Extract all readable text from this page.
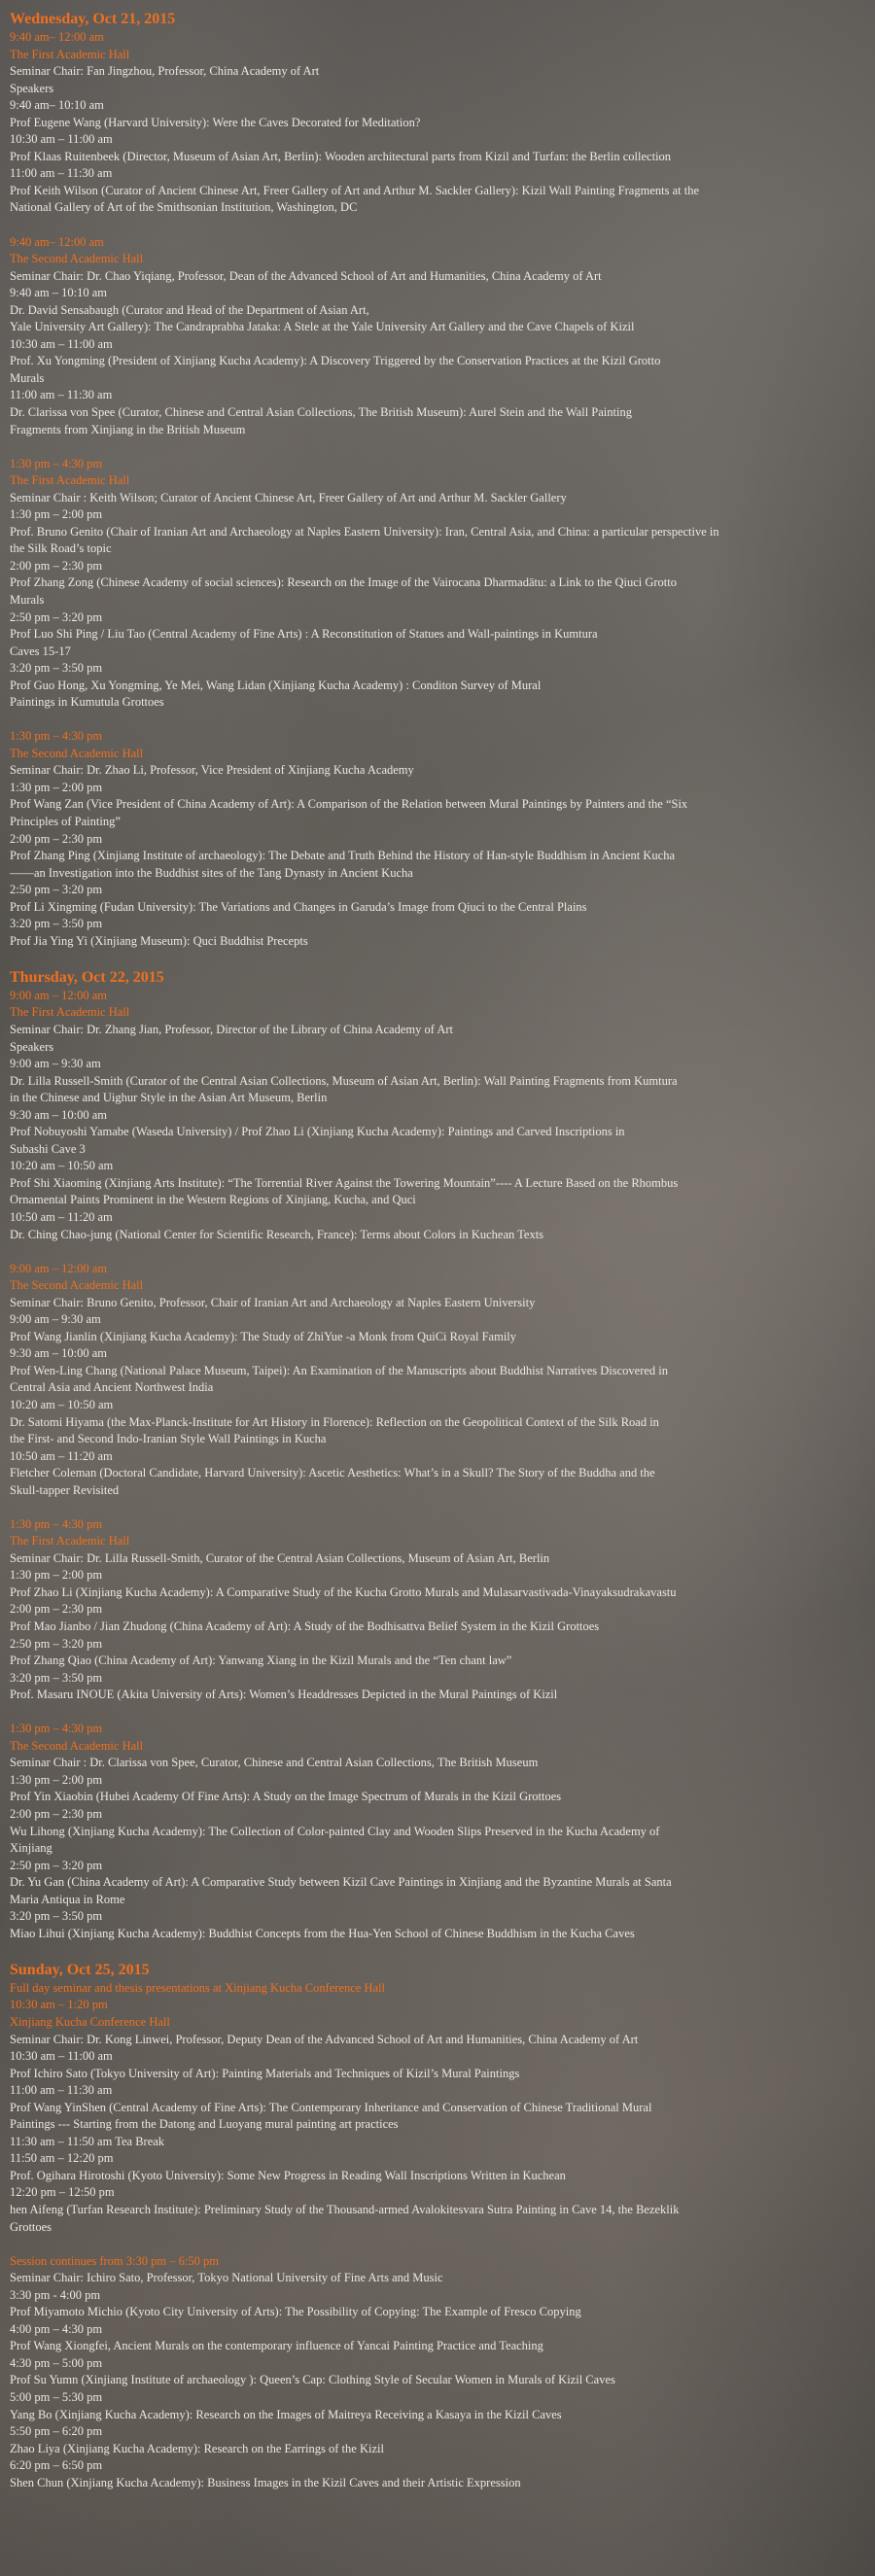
Wednesday, Oct 21, 2015
9:40 am– 12:00 am
The First Academic Hall
Seminar Chair: Fan Jingzhou, Professor, China Academy of Art
Speakers
9:40 am– 10:10 am
Prof Eugene Wang (Harvard University): Were the Caves Decorated for Meditation?
10:30 am – 11:00 am
Prof Klaas Ruitenbeek (Director, Museum of Asian Art, Berlin): Wooden architectural parts from Kizil and Turfan: the Berlin collection
11:00 am – 11:30 am
Prof Keith Wilson (Curator of Ancient Chinese Art, Freer Gallery of Art and Arthur M. Sackler Gallery): Kizil Wall Painting Fragments at the
National Gallery of Art of the Smithsonian Institution, Washington, DC
9:40 am– 12:00 am
The Second Academic Hall
Seminar Chair: Dr. Chao Yiqiang, Professor, Dean of the Advanced School of Art and Humanities, China Academy of Art
9:40 am – 10:10 am
Dr. David Sensabaugh (Curator and Head of the Department of Asian Art,
Yale University Art Gallery): The Candraprabha Jataka: A Stele at the Yale University Art Gallery and the Cave Chapels of Kizil
10:30 am – 11:00 am
Prof. Xu Yongming (President of Xinjiang Kucha Academy): A Discovery Triggered by the Conservation Practices at the Kizil Grotto
Murals
11:00 am – 11:30 am
Dr. Clarissa von Spee (Curator, Chinese and Central Asian Collections, The British Museum): Aurel Stein and the Wall Painting
Fragments from Xinjiang in the British Museum
1:30 pm – 4:30 pm
The First Academic Hall
Seminar Chair : Keith Wilson; Curator of Ancient Chinese Art, Freer Gallery of Art and Arthur M. Sackler Gallery
1:30 pm – 2:00 pm
Prof. Bruno Genito (Chair of Iranian Art and Archaeology at Naples Eastern University): Iran, Central Asia, and China: a particular perspective in
the Silk Road’s topic
2:00 pm – 2:30 pm
Prof Zhang Zong (Chinese Academy of social sciences): Research on the Image of the Vairocana Dharmadātu: a Link to the Qiuci Grotto
Murals
2:50 pm – 3:20 pm
Prof Luo Shi Ping / Liu Tao (Central Academy of Fine Arts) : A Reconstitution of Statues and Wall-paintings in Kumtura
Caves 15-17
3:20 pm – 3:50 pm
Prof Guo Hong, Xu Yongming, Ye Mei, Wang Lidan (Xinjiang Kucha Academy) : Conditon Survey of Mural
Paintings in Kumutula Grottoes
1:30 pm – 4:30 pm
The Second Academic Hall
Seminar Chair: Dr. Zhao Li, Professor, Vice President of Xinjiang Kucha Academy
1:30 pm – 2:00 pm
Prof Wang Zan (Vice President of China Academy of Art): A Comparison of the Relation between Mural Paintings by Painters and the “Six
Principles of Painting”
2:00 pm – 2:30 pm
Prof Zhang Ping (Xinjiang Institute of archaeology): The Debate and Truth Behind the History of Han-style Buddhism in Ancient Kucha
——an Investigation into the Buddhist sites of the Tang Dynasty in Ancient Kucha
2:50 pm – 3:20 pm
Prof Li Xingming (Fudan University): The Variations and Changes in Garuda’s Image from Qiuci to the Central Plains
3:20 pm – 3:50 pm
Prof Jia Ying Yi (Xinjiang Museum): Quci Buddhist Precepts
Thursday, Oct 22, 2015
9:00 am – 12:00 am
The First Academic Hall
Seminar Chair: Dr. Zhang Jian, Professor, Director of the Library of China Academy of Art
Speakers
9:00 am – 9:30 am
Dr. Lilla Russell-Smith (Curator of the Central Asian Collections, Museum of Asian Art, Berlin): Wall Painting Fragments from Kumtura
in the Chinese and Uighur Style in the Asian Art Museum, Berlin
9:30 am – 10:00 am
Prof Nobuyoshi Yamabe (Waseda University) / Prof Zhao Li (Xinjiang Kucha Academy): Paintings and Carved Inscriptions in
Subashi Cave 3
10:20 am – 10:50 am
Prof Shi Xiaoming (Xinjiang Arts Institute): “The Torrential River Against the Towering Mountain”---- A Lecture Based on the Rhombus
Ornamental Paints Prominent in the Western Regions of Xinjiang, Kucha, and Quci
10:50 am – 11:20 am
Dr. Ching Chao-jung (National Center for Scientific Research, France): Terms about Colors in Kuchean Texts
9:00 am – 12:00 am
The Second Academic Hall
Seminar Chair: Bruno Genito, Professor, Chair of Iranian Art and Archaeology at Naples Eastern University
9:00 am – 9:30 am
Prof Wang Jianlin (Xinjiang Kucha Academy): The Study of ZhiYue -a Monk from QuiCi Royal Family
9:30 am – 10:00 am
Prof Wen-Ling Chang (National Palace Museum, Taipei): An Examination of the Manuscripts about Buddhist Narratives Discovered in
Central Asia and Ancient Northwest India
10:20 am – 10:50 am
Dr. Satomi Hiyama (the Max-Planck-Institute for Art History in Florence): Reflection on the Geopolitical Context of the Silk Road in
the First- and Second Indo-Iranian Style Wall Paintings in Kucha
10:50 am – 11:20 am
Fletcher Coleman (Doctoral Candidate, Harvard University): Ascetic Aesthetics: What’s in a Skull? The Story of the Buddha and the
Skull-tapper Revisited
1:30 pm – 4:30 pm
The First Academic Hall
Seminar Chair: Dr. Lilla Russell-Smith, Curator of the Central Asian Collections, Museum of Asian Art, Berlin
1:30 pm – 2:00 pm
Prof Zhao Li (Xinjiang Kucha Academy): A Comparative Study of the Kucha Grotto Murals and Mulasarvastivada-Vinayaksudrakavastu
2:00 pm – 2:30 pm
Prof Mao Jianbo / Jian Zhudong (China Academy of Art): A Study of the Bodhisattva Belief System in the Kizil Grottoes
2:50 pm – 3:20 pm
Prof Zhang Qiao (China Academy of Art): Yanwang Xiang in the Kizil Murals and the “Ten chant law”
3:20 pm – 3:50 pm
Prof. Masaru INOUE (Akita University of Arts): Women’s Headdresses Depicted in the Mural Paintings of Kizil
1:30 pm – 4:30 pm
The Second Academic Hall
Seminar Chair : Dr. Clarissa von Spee, Curator, Chinese and Central Asian Collections, The British Museum
1:30 pm – 2:00 pm
Prof Yin Xiaobin (Hubei Academy Of Fine Arts): A Study on the Image Spectrum of Murals in the Kizil Grottoes
2:00 pm – 2:30 pm
Wu Lihong (Xinjiang Kucha Academy): The Collection of Color-painted Clay and Wooden Slips Preserved in the Kucha Academy of
Xinjiang
2:50 pm – 3:20 pm
Dr. Yu Gan (China Academy of Art): A Comparative Study between Kizil Cave Paintings in Xinjiang and the Byzantine Murals at Santa
Maria Antiqua in Rome
3:20 pm – 3:50 pm
Miao Lihui (Xinjiang Kucha Academy): Buddhist Concepts from the Hua-Yen School of Chinese Buddhism in the Kucha Caves
Sunday, Oct 25, 2015
Full day seminar and thesis presentations at Xinjiang Kucha Conference Hall
10:30 am – 1:20 pm
Xinjiang Kucha Conference Hall
Seminar Chair: Dr. Kong Linwei, Professor, Deputy Dean of the Advanced School of Art and Humanities, China Academy of Art
10:30 am – 11:00 am
Prof Ichiro Sato (Tokyo University of Art): Painting Materials and Techniques of Kizil’s Mural Paintings
11:00 am – 11:30 am
Prof Wang YinShen (Central Academy of Fine Arts): The Contemporary Inheritance and Conservation of Chinese Traditional Mural
Paintings --- Starting from the Datong and Luoyang mural painting art practices
11:30 am – 11:50 am Tea Break
11:50 am – 12:20 pm
Prof. Ogihara Hirotoshi (Kyoto University): Some New Progress in Reading Wall Inscriptions Written in Kuchean
12:20 pm – 12:50 pm
hen Aifeng (Turfan Research Institute): Preliminary Study of the Thousand-armed Avalokitesvara Sutra Painting in Cave 14, the Bezeklik
Grottoes
Session continues from 3:30 pm – 6:50 pm
Seminar Chair: Ichiro Sato, Professor, Tokyo National University of Fine Arts and Music
3:30 pm - 4:00 pm
Prof Miyamoto Michio (Kyoto City University of Arts): The Possibility of Copying: The Example of Fresco Copying
4:00 pm – 4:30 pm
Prof Wang Xiongfei, Ancient Murals on the contemporary influence of Yancai Painting Practice and Teaching
4:30 pm – 5:00 pm
Prof Su Yumn (Xinjiang Institute of archaeology ): Queen’s Cap: Clothing Style of Secular Women in Murals of Kizil Caves
5:00 pm – 5:30 pm
Yang Bo (Xinjiang Kucha Academy): Research on the Images of Maitreya Receiving a Kasaya in the Kizil Caves
5:50 pm – 6:20 pm
Zhao Liya (Xinjiang Kucha Academy): Research on the Earrings of the Kizil
6:20 pm – 6:50 pm
Shen Chun (Xinjiang Kucha Academy): Business Images in the Kizil Caves and their Artistic Expression
